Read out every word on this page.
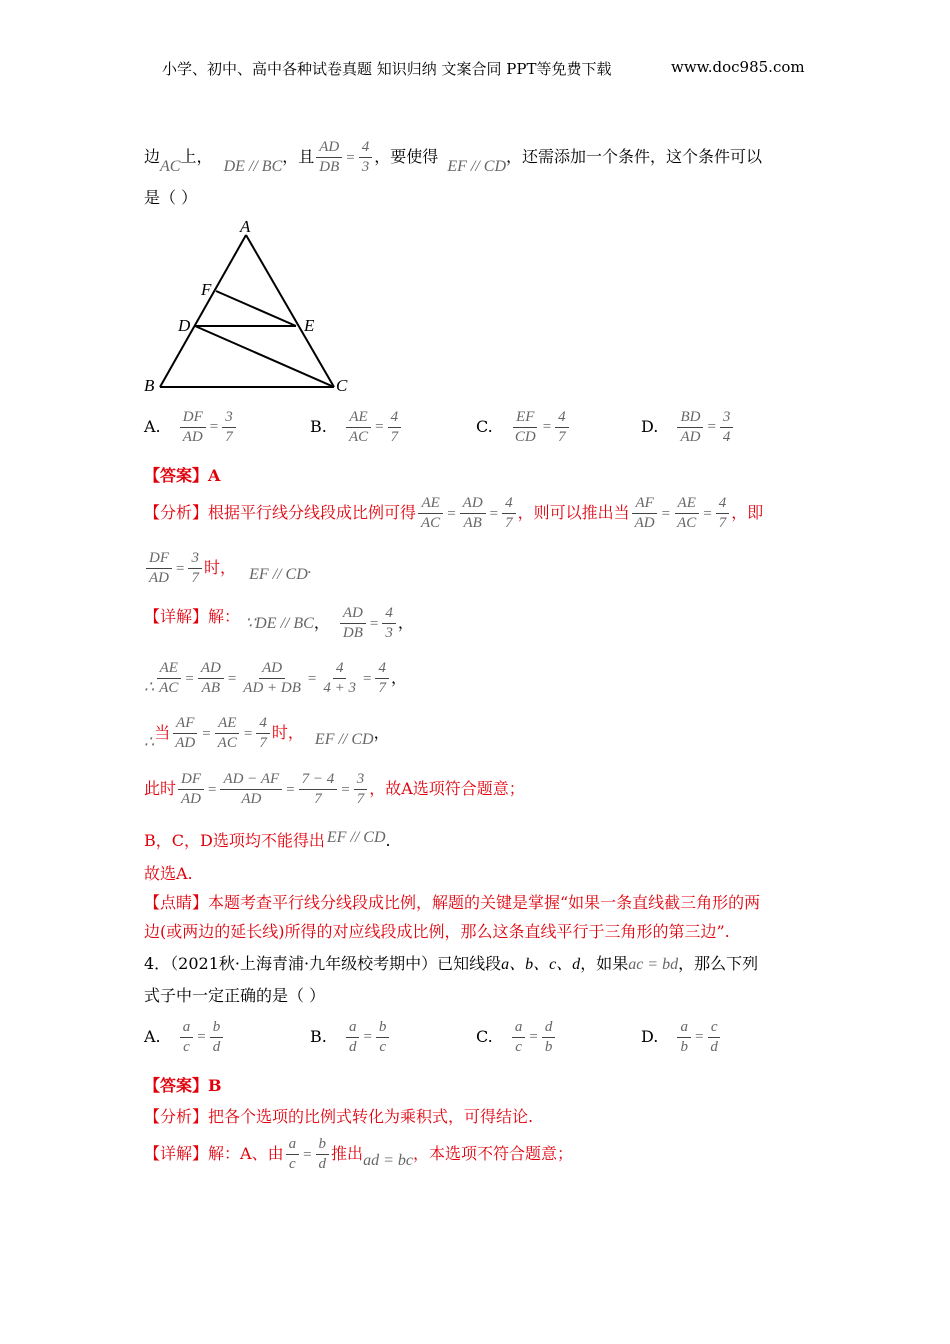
小学、初中、高中各种试卷真题 知识归纳 文案合同 PPT等免费下载	www.doc985.com
边AC上， DE // BC，且 $\frac{AD}{DB} = \frac{4}{3}$ ，要使得 EF // CD，还需添加一个条件，这个条件可以
是（ ）
A
B	C
D	E
F
A. $\frac{DF}{AD} = \frac{3}{7}$	B. $\frac{AE}{AC} = \frac{4}{7}$	C. $\frac{EF}{CD} = \frac{4}{7}$	D. $\frac{BD}{AD} = \frac{3}{4}$
【答案】A
【分析】根据平行线分线段成比例可得 $\frac{AE}{AC} = \frac{AD}{AB} = \frac{4}{7}$ ，则可以推出当 $\frac{AF}{AD} = \frac{AE}{AC} = \frac{4}{7}$ ，即
$\frac{DF}{AD} = \frac{3}{7}$ 时， EF // CD.
【详解】解： ∵DE // BC， $\frac{AD}{DB} = \frac{4}{3}$ ，
∴ $\frac{AE}{AC} = \frac{AD}{AB} = \frac{AD}{AD + DB} = \frac{4}{4 + 3} = \frac{4}{7}$ ，
∴当 $\frac{AF}{AD} = \frac{AE}{AC} = \frac{4}{7}$ 时， EF // CD，
此时 $\frac{DF}{AD} = \frac{AD - AF}{AD} = \frac{7 - 4}{7} = \frac{3}{7}$ ，故A选项符合题意；
B，C，D选项均不能得出 EF // CD.
故选A.
【点睛】本题考查平行线分线段成比例，解题的关键是掌握“如果一条直线截三角形的两
边(或两边的延长线)所得的对应线段成比例，那么这条直线平行于三角形的第三边”.
4．（2021秋·上海青浦·九年级校考期中）已知线段a、b、c、d，如果ac = bd，那么下列
式子中一定正确的是（ ）
A. $\frac{a}{c} = \frac{b}{d}$	B. $\frac{a}{d} = \frac{b}{c}$	C. $\frac{a}{c} = \frac{d}{b}$	D. $\frac{a}{b} = \frac{c}{d}$
【答案】B
【分析】把各个选项的比例式转化为乘积式，可得结论.
【详解】解：A、由 $\frac{a}{c} = \frac{b}{d}$ 推出ad = bc，本选项不符合题意；
